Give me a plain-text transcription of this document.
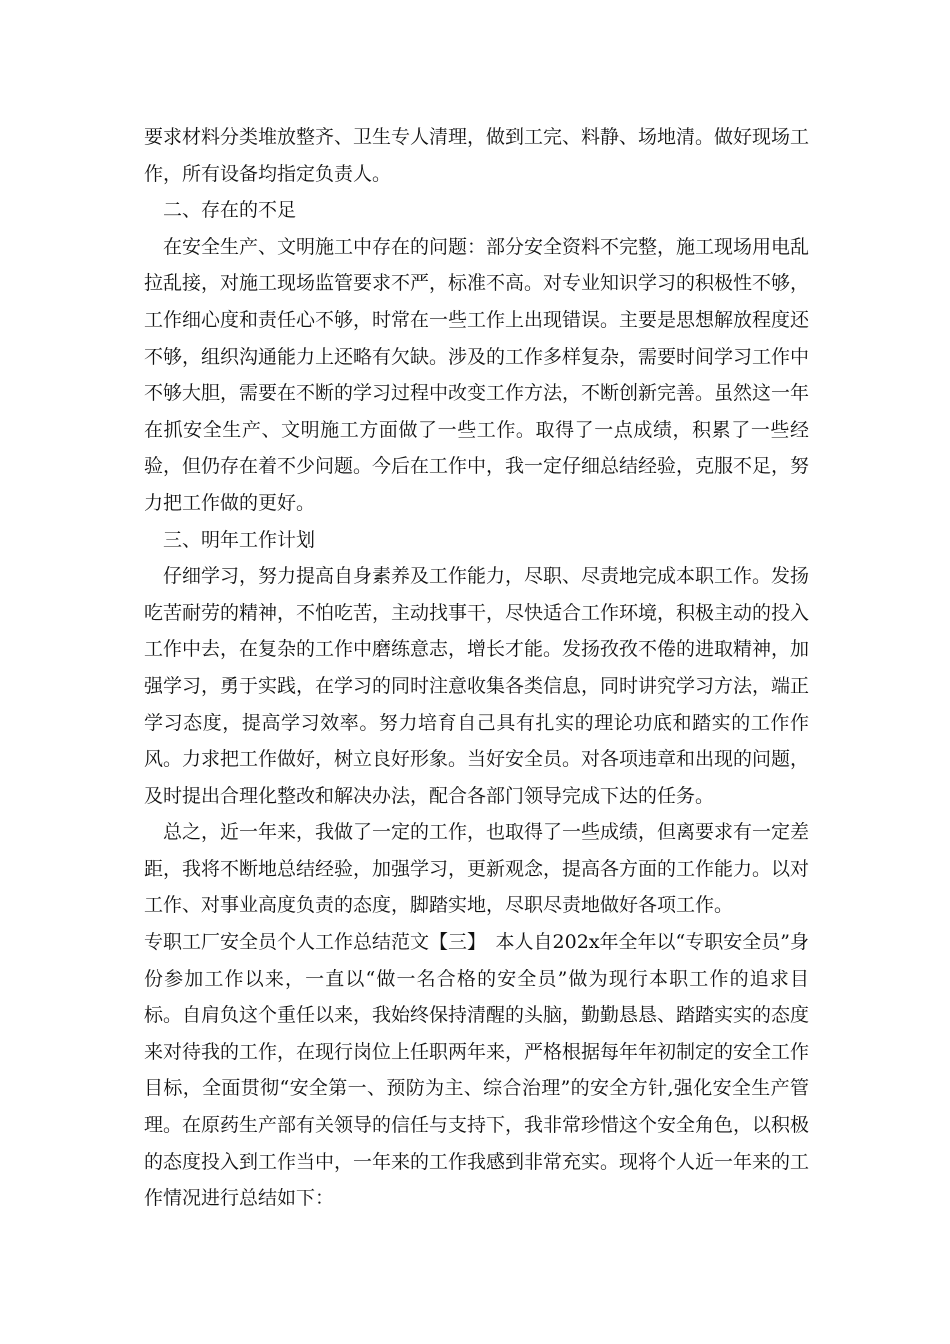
要求材料分类堆放整齐、卫生专人清理，做到工完、料静、场地清。做好现场工作，所有设备均指定负责人。

二、存在的不足

在安全生产、文明施工中存在的问题：部分安全资料不完整，施工现场用电乱拉乱接，对施工现场监管要求不严，标准不高。对专业知识学习的积极性不够，工作细心度和责任心不够，时常在一些工作上出现错误。主要是思想解放程度还不够，组织沟通能力上还略有欠缺。涉及的工作多样复杂，需要时间学习工作中不够大胆，需要在不断的学习过程中改变工作方法，不断创新完善。虽然这一年在抓安全生产、文明施工方面做了一些工作。取得了一点成绩，积累了一些经验，但仍存在着不少问题。今后在工作中，我一定仔细总结经验，克服不足，努力把工作做的更好。

三、明年工作计划

仔细学习，努力提高自身素养及工作能力，尽职、尽责地完成本职工作。发扬吃苦耐劳的精神，不怕吃苦，主动找事干，尽快适合工作环境，积极主动的投入工作中去，在复杂的工作中磨练意志，增长才能。发扬孜孜不倦的进取精神，加强学习，勇于实践，在学习的同时注意收集各类信息，同时讲究学习方法，端正学习态度，提高学习效率。努力培育自己具有扎实的理论功底和踏实的工作作风。力求把工作做好，树立良好形象。当好安全员。对各项违章和出现的问题，及时提出合理化整改和解决办法，配合各部门领导完成下达的任务。

总之，近一年来，我做了一定的工作，也取得了一些成绩，但离要求有一定差距，我将不断地总结经验，加强学习，更新观念，提高各方面的工作能力。以对工作、对事业高度负责的态度，脚踏实地，尽职尽责地做好各项工作。

专职工厂安全员个人工作总结范文【三】　本人自202x年全年以“专职安全员”身份参加工作以来，一直以“做一名合格的安全员”做为现行本职工作的追求目标。自肩负这个重任以来，我始终保持清醒的头脑，勤勤恳恳、踏踏实实的态度来对待我的工作，在现行岗位上任职两年来，严格根据每年年初制定的安全工作目标，全面贯彻“安全第一、预防为主、综合治理”的安全方针,强化安全生产管理。在原药生产部有关领导的信任与支持下，我非常珍惜这个安全角色，以积极的态度投入到工作当中，一年来的工作我感到非常充实。现将个人近一年来的工作情况进行总结如下：
